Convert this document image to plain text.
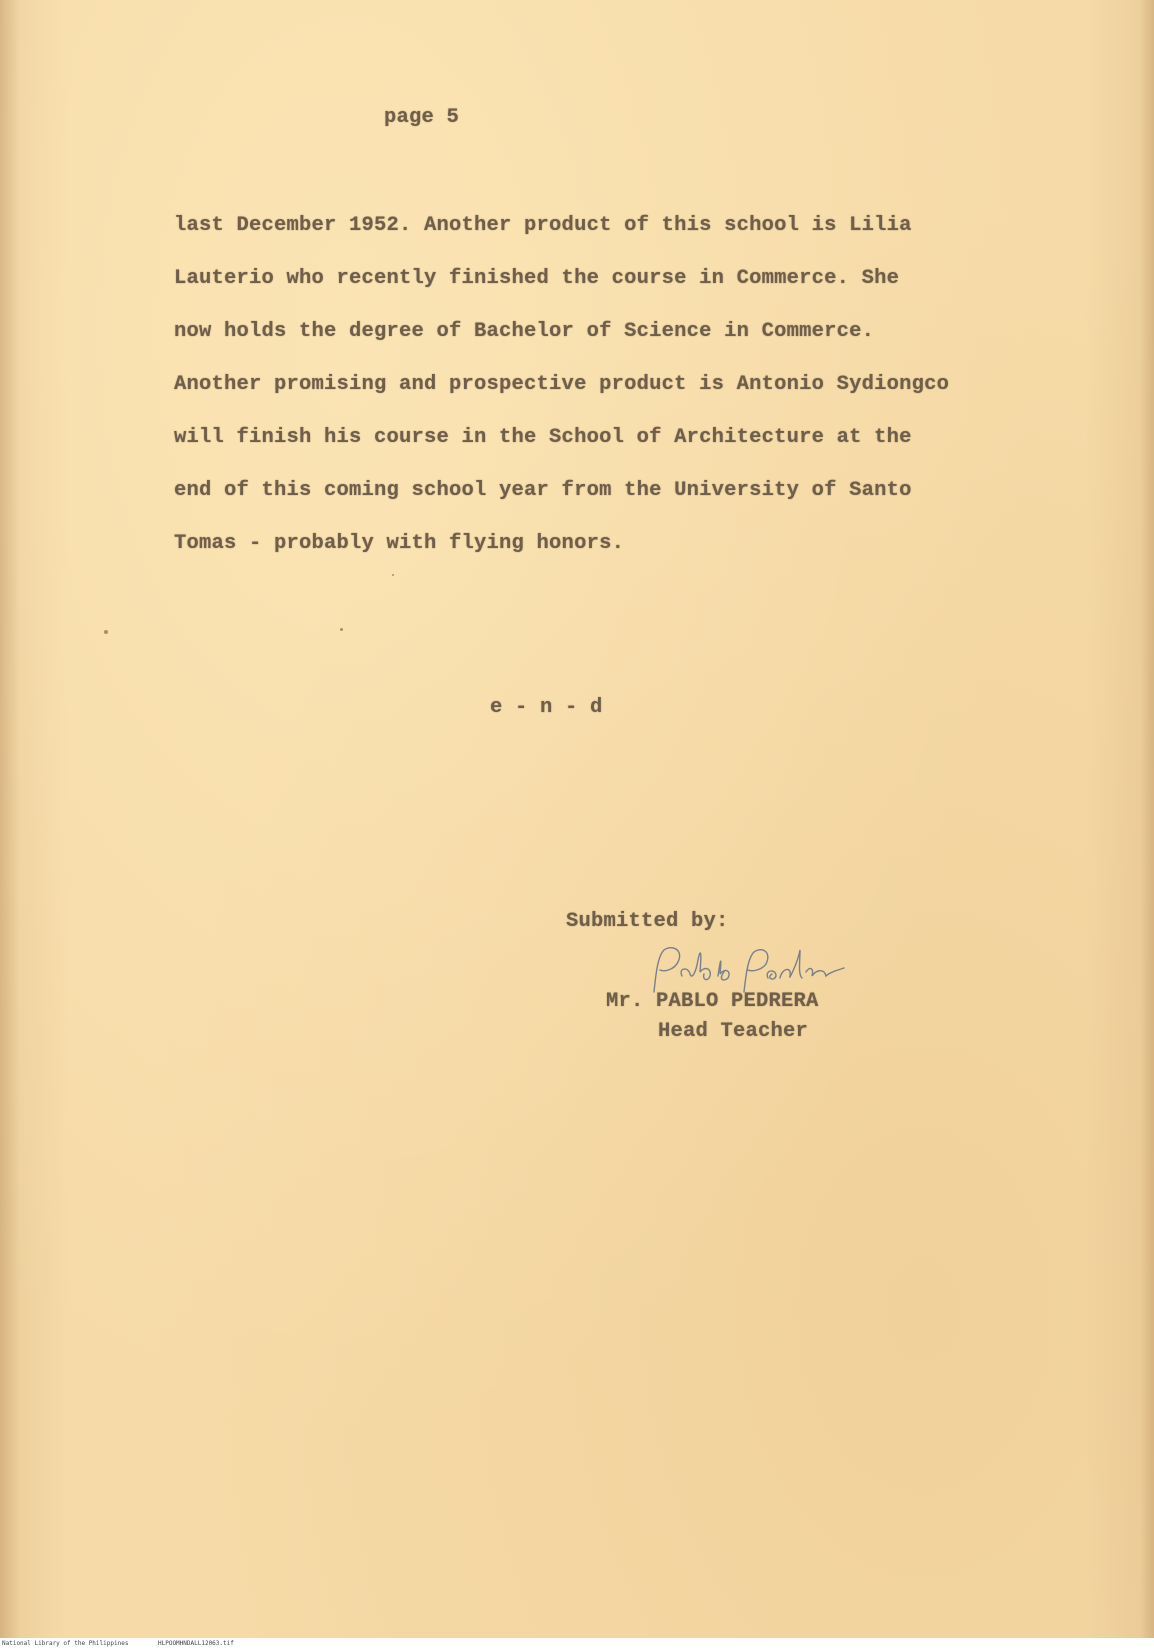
page 5
last December 1952. Another product of this school is Lilia
Lauterio who recently finished the course in Commerce. She
now holds the degree of Bachelor of Science in Commerce.
Another promising and prospective product is Antonio Sydiongco
will finish his course in the School of Architecture at the
end of this coming school year from the University of Santo
Tomas - probably with flying honors.
e - n - d
Submitted by:
Mr. PABLO PEDRERA
Head Teacher
National Library of the Philippines	HLPOOMHNDALL12063.tif
